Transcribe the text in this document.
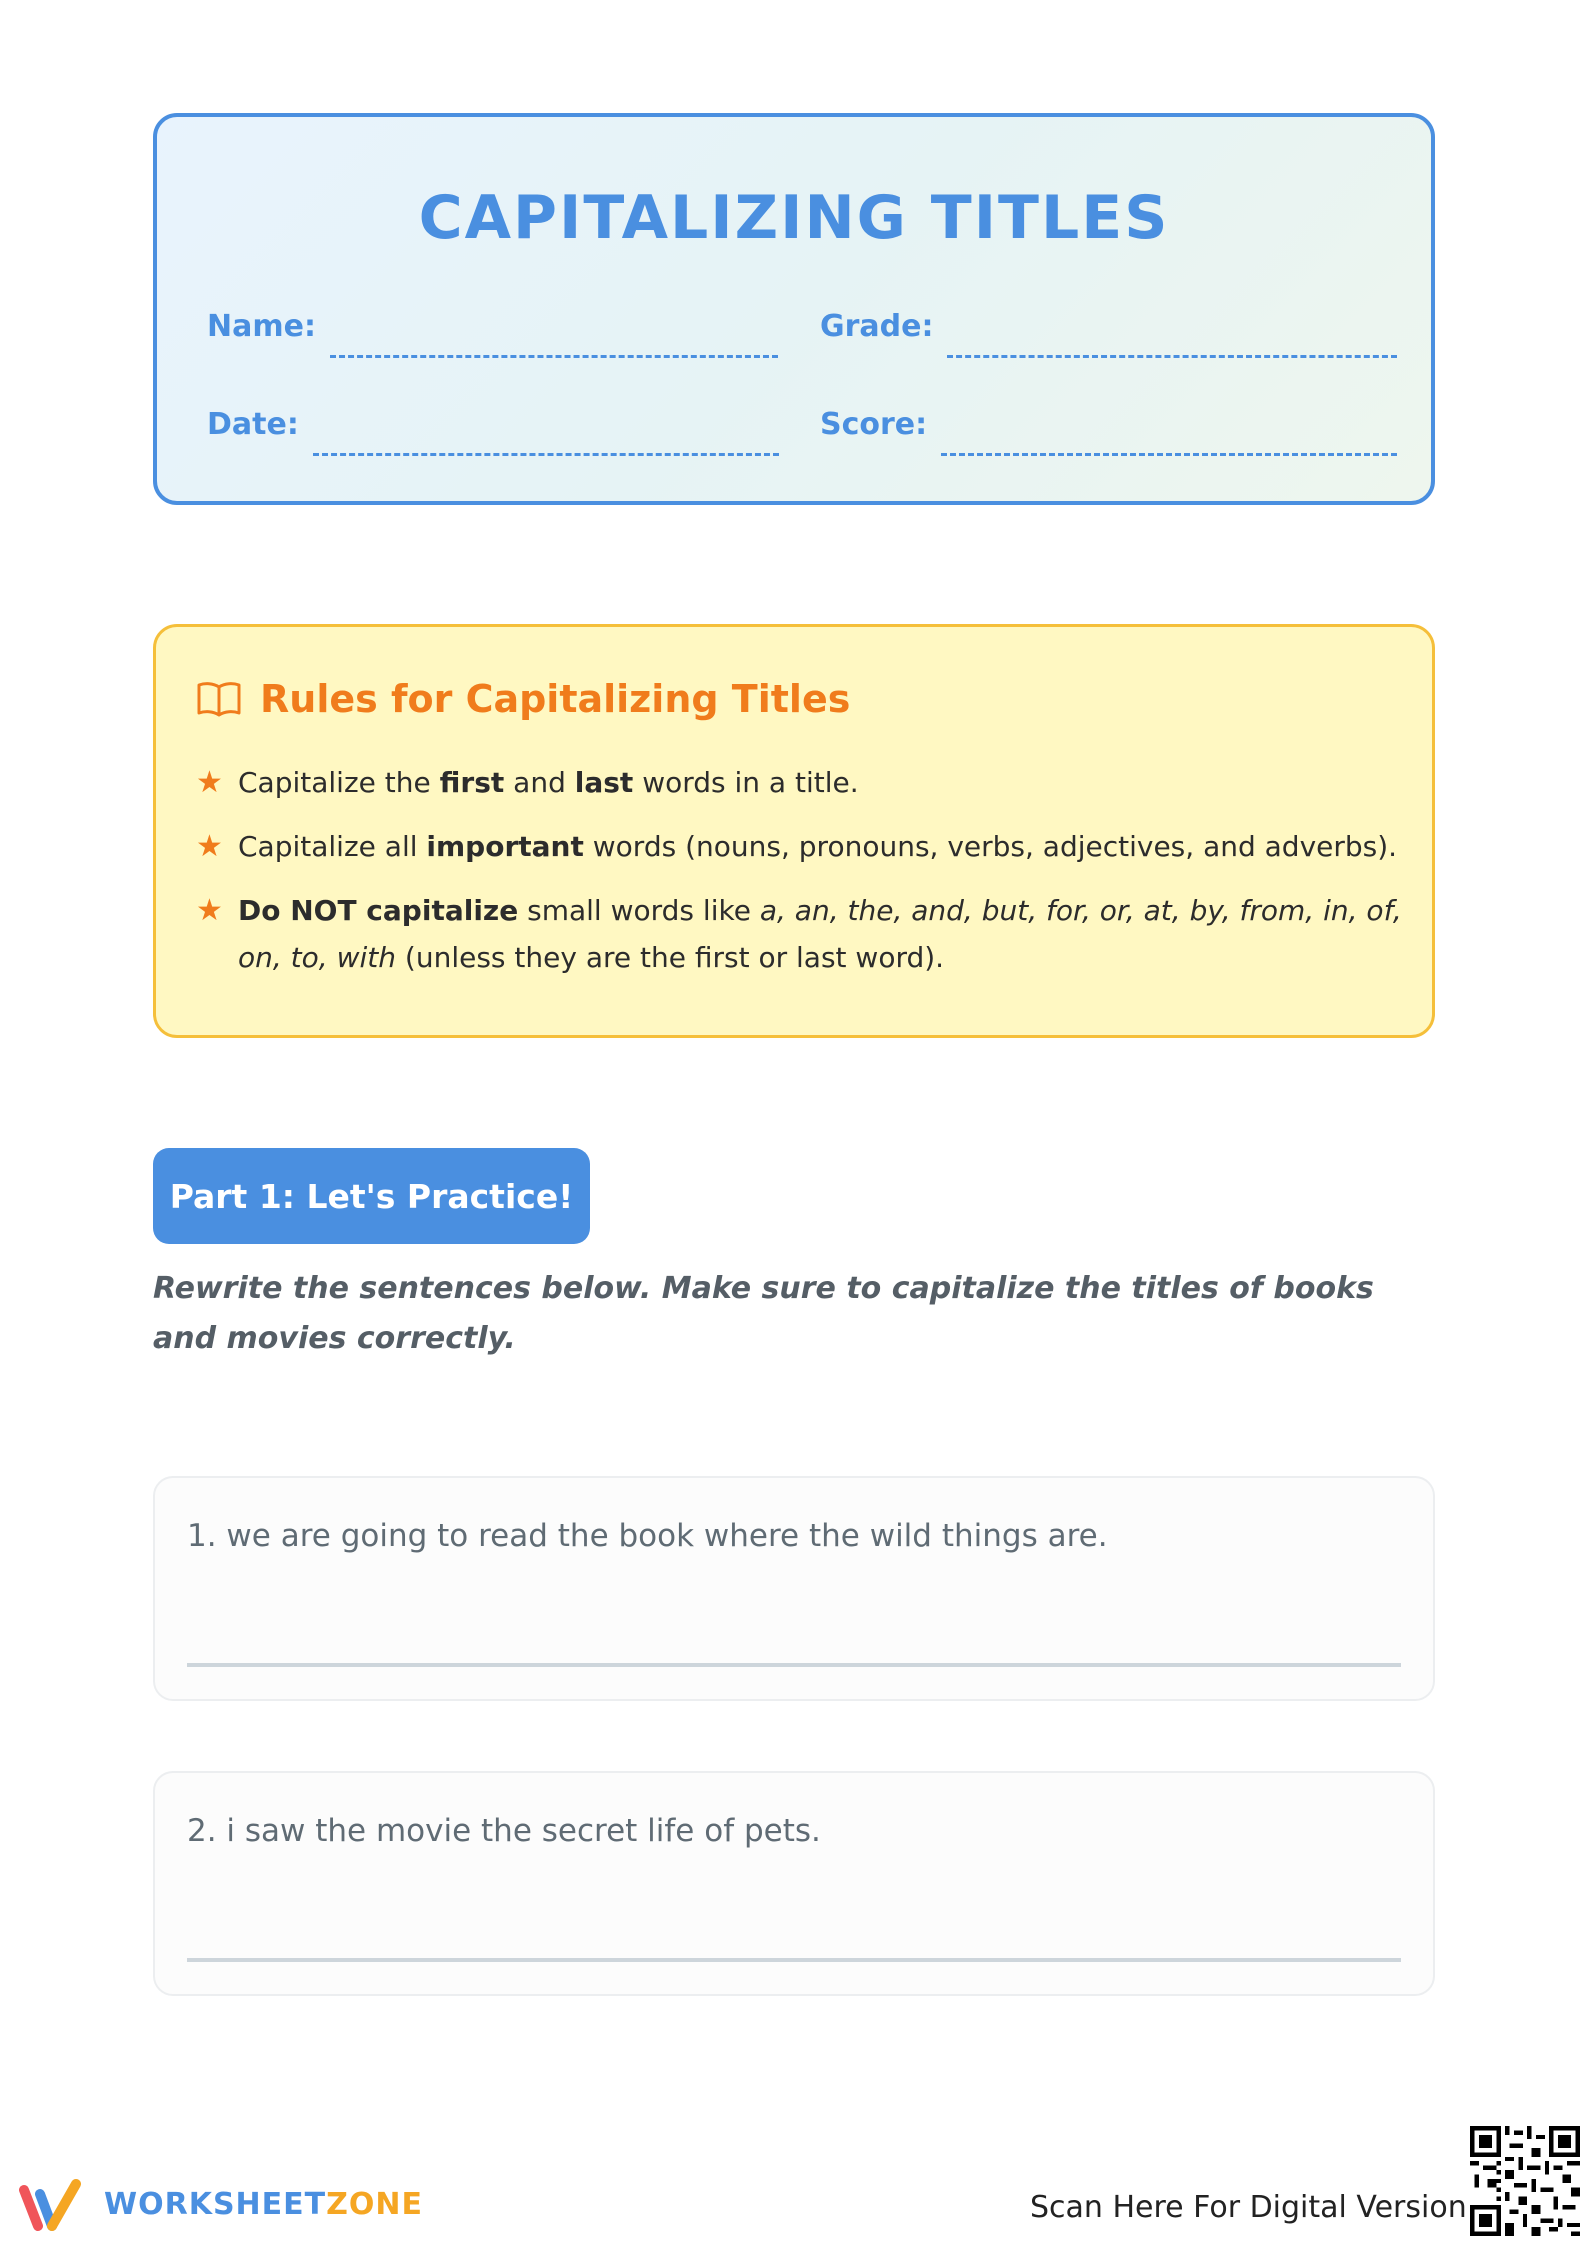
CAPITALIZING TITLES
Name:	Grade:
Date:	Score:
Rules for Capitalizing Titles
★ Capitalize the first and last words in a title.
★ Capitalize all important words (nouns, pronouns, verbs, adjectives, and adverbs).
★ Do NOT capitalize small words like a, an, the, and, but, for, or, at, by, from, in, of, on, to, with (unless they are the first or last word).
Part 1: Let's Practice!
Rewrite the sentences below. Make sure to capitalize the titles of books and movies correctly.
1. we are going to read the book where the wild things are.
2. i saw the movie the secret life of pets.
WORKSHEET ZONE	Scan Here For Digital Version
